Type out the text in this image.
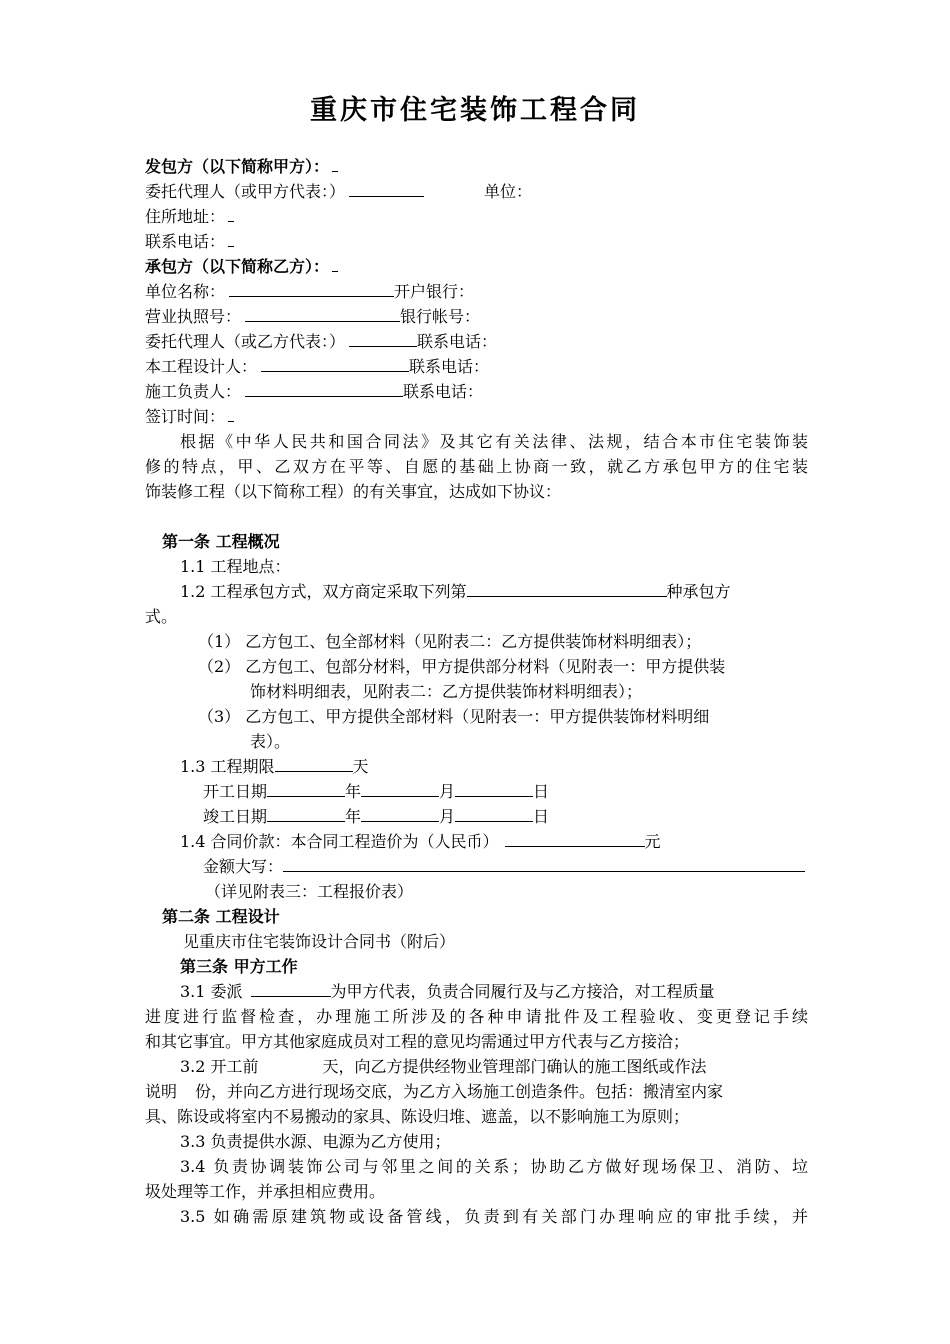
重庆市住宅装饰工程合同

发包方（以下简称甲方）：

委托代理人（或甲方代表：）	单位：

住所地址：

联系电话：

承包方（以下简称乙方）：

单位名称：	开户银行：

营业执照号：	银行帐号：

委托代理人（或乙方代表：）	联系电话：

本工程设计人：	联系电话：

施工负责人：	联系电话：

签订时间：

根据《中华人民共和国合同法》及其它有关法律、法规，结合本市住宅装饰装

修的特点，甲、乙双方在平等、自愿的基础上协商一致，就乙方承包甲方的住宅装

饰装修工程（以下简称工程）的有关事宜，达成如下协议：

第一条 工程概况

1.1 工程地点：

1.2 工程承包方式，双方商定采取下列第	种承包方

式。

（1） 乙方包工、包全部材料（见附表二：乙方提供装饰材料明细表）；

（2） 乙方包工、包部分材料，甲方提供部分材料（见附表一：甲方提供装

饰材料明细表，见附表二：乙方提供装饰材料明细表）；

（3） 乙方包工、甲方提供全部材料（见附表一：甲方提供装饰材料明细

表）。

1.3 工程期限	天

开工日期	年	月	日

竣工日期	年	月	日

1.4 合同价款：本合同工程造价为（人民币）	元

金额大写：

（详见附表三：工程报价表）

第二条 工程设计

见重庆市住宅装饰设计合同书（附后）

第三条 甲方工作

3.1 委派	为甲方代表，负责合同履行及与乙方接洽，对工程质量

进度进行监督检查，办理施工所涉及的各种申请批件及工程验收、变更登记手续

和其它事宜。甲方其他家庭成员对工程的意见均需通过甲方代表与乙方接洽；

3.2 开工前	天，向乙方提供经物业管理部门确认的施工图纸或作法

说明 份，并向乙方进行现场交底，为乙方入场施工创造条件。包括：搬清室内家

具、陈设或将室内不易搬动的家具、陈设归堆、遮盖，以不影响施工为原则；

3.3 负责提供水源、电源为乙方使用；

3.4 负责协调装饰公司与邻里之间的关系；协助乙方做好现场保卫、消防、垃

圾处理等工作，并承担相应费用。

3.5 如确需原建筑物或设备管线，负责到有关部门办理响应的审批手续，并
